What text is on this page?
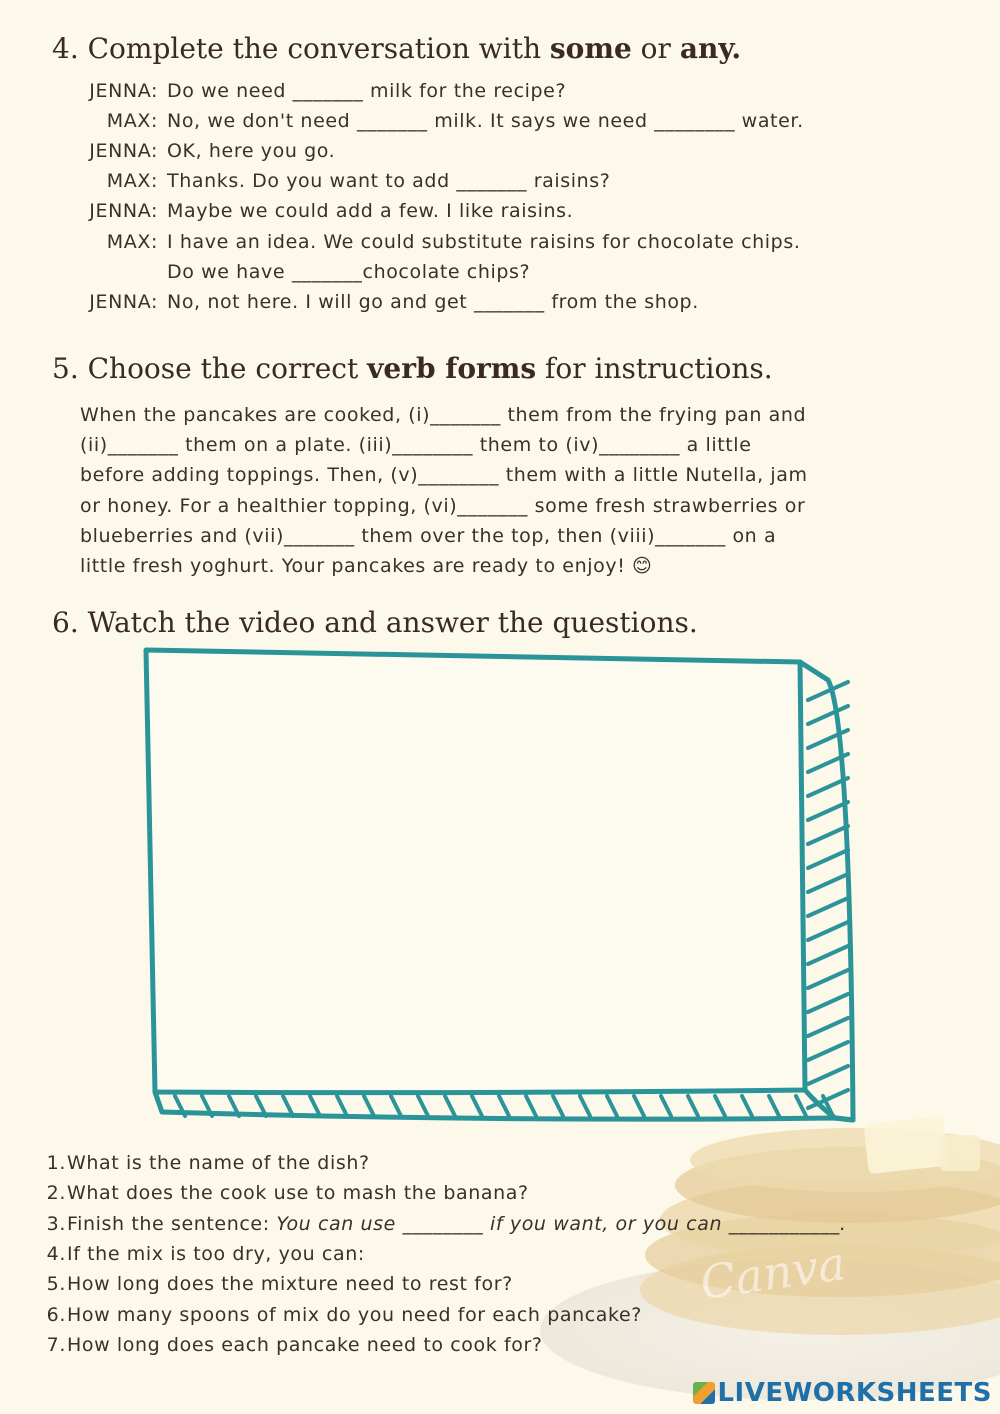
4. Complete the conversation with some or any.
JENNA: Do we need _______ milk for the recipe?
MAX: No, we don't need _______ milk. It says we need ________ water.
JENNA: OK, here you go.
MAX: Thanks. Do you want to add _______ raisins?
JENNA: Maybe we could add a few. I like raisins.
MAX: I have an idea. We could substitute raisins for chocolate chips.
Do we have _______chocolate chips?
JENNA: No, not here. I will go and get _______ from the shop.
5. Choose the correct verb forms for instructions.
When the pancakes are cooked, (i)_______ them from the frying pan and
(ii)_______ them on a plate. (iii)________ them to (iv)________ a little
before adding toppings. Then, (v)________ them with a little Nutella, jam
or honey. For a healthier topping, (vi)_______ some fresh strawberries or
blueberries and (vii)_______ them over the top, then (viii)_______ on a
little fresh yoghurt. Your pancakes are ready to enjoy! 😊
6. Watch the video and answer the questions.
Canva
1. What is the name of the dish?
2. What does the cook use to mash the banana?
3. Finish the sentence: You can use ________ if you want, or you can ___________.
4. If the mix is too dry, you can:
5. How long does the mixture need to rest for?
6. How many spoons of mix do you need for each pancake?
7. How long does each pancake need to cook for?
LIVEWORKSHEETS
